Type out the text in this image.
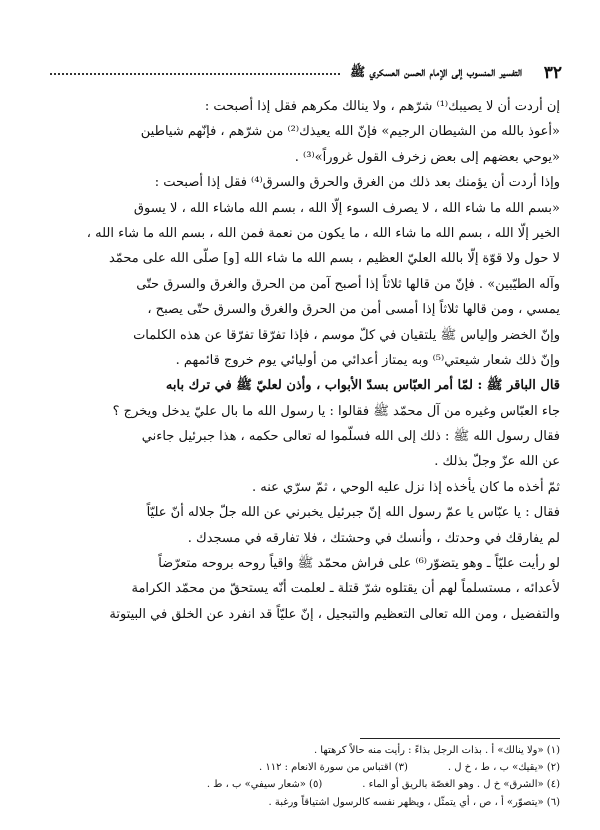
٣٢
التفسير المنسوب إلى الإمام الحسن العسكري ﷺ
إن أردت أن لا يصيبك⁽¹⁾ شرّهم ، ولا ينالك مكرهم فقل إذا أصبحت :
«أعوذ بالله من الشيطان الرجيم» فإنّ الله يعيذك⁽²⁾ من شرّهم ، فإنّهم شياطين
«يوحي بعضهم إلى بعض زخرف القول غروراً»⁽³⁾ .
وإذا أردت أن يؤمنك بعد ذلك من الغرق والحرق والسرق⁽⁴⁾ فقل إذا أصبحت :
«بسم الله ما شاء الله ، لا يصرف السوء إلّا الله ، بسم الله ماشاء الله ، لا يسوق
الخير إلّا الله ، بسم الله ما شاء الله ، ما يكون من نعمة فمن الله ، بسم الله ما شاء الله ،
لا حول ولا قوّة إلّا بالله العليّ العظيم ، بسم الله ما شاء الله [و] صلّى الله على محمّد
وآله الطيّبين» . فإنّ من قالها ثلاثاً إذا أصبح آمن من الحرق والغرق والسرق حتّى
يمسي ، ومن قالها ثلاثاً إذا أمسى أمن من الحرق والغرق والسرق حتّى يصبح ،
وإنّ الخضر وإلياس ﷺ يلتقيان في كلّ موسم ، فإذا تفرّقا تفرّقا عن هذه الكلمات
وإنّ ذلك شعار شيعتي⁽⁵⁾ وبه يمتاز أعدائي من أوليائي يوم خروج قائمهم .
قال الباقر ﷺ : لمّا أمر العبّاس بسدّ الأبواب ، وأذن لعليّ ﷺ في ترك بابه
جاء العبّاس وغيره من آل محمّد ﷺ فقالوا : يا رسول الله ما بال عليّ يدخل ويخرج ؟
فقال رسول الله ﷺ : ذلك إلى الله فسلّموا له تعالى حكمه ، هذا جبرئيل جاءني
عن الله عزّ وجلّ بذلك .
ثمّ أخذه ما كان يأخذه إذا نزل عليه الوحي ، ثمّ سرّي عنه .
فقال : يا عبّاس يا عمّ رسول الله إنّ جبرئيل يخبرني عن الله جلّ جلاله أنّ عليّاً
لم يفارقك في وحدتك ، وأنسك في وحشتك ، فلا تفارقه في مسجدك .
لو رأيت عليّاً ـ وهو يتضوّر⁽⁶⁾ على فراش محمّد ﷺ واقياً روحه بروحه متعرّضاً
لأعدائه ، مستسلماً لهم أن يقتلوه شرّ قتلة ـ لعلمت أنّه يستحقّ من محمّد الكرامة
والتفضيل ، ومن الله تعالى التعظيم والتبجيل ، إنّ عليّاً قد انفرد عن الخلق في البيتوتة
(١) «ولا ينالك» أ . بذات الرجل بذاءً : رأيت منه حالاً كرهتها .
(٢) «يقيك» ب ، ط ، خ ل .
(٣) اقتباس من سورة الانعام : ١١٢ .
(٤) «الشرق» خ ل . وهو الغصّة بالريق أو الماء .
(٥) «شعار سيفي» ب ، ط .
(٦) «يتصوّر» أ ، ص ، أي يتمثّل ، ويظهر نفسه كالرسول اشتياقاً ورغبة .
